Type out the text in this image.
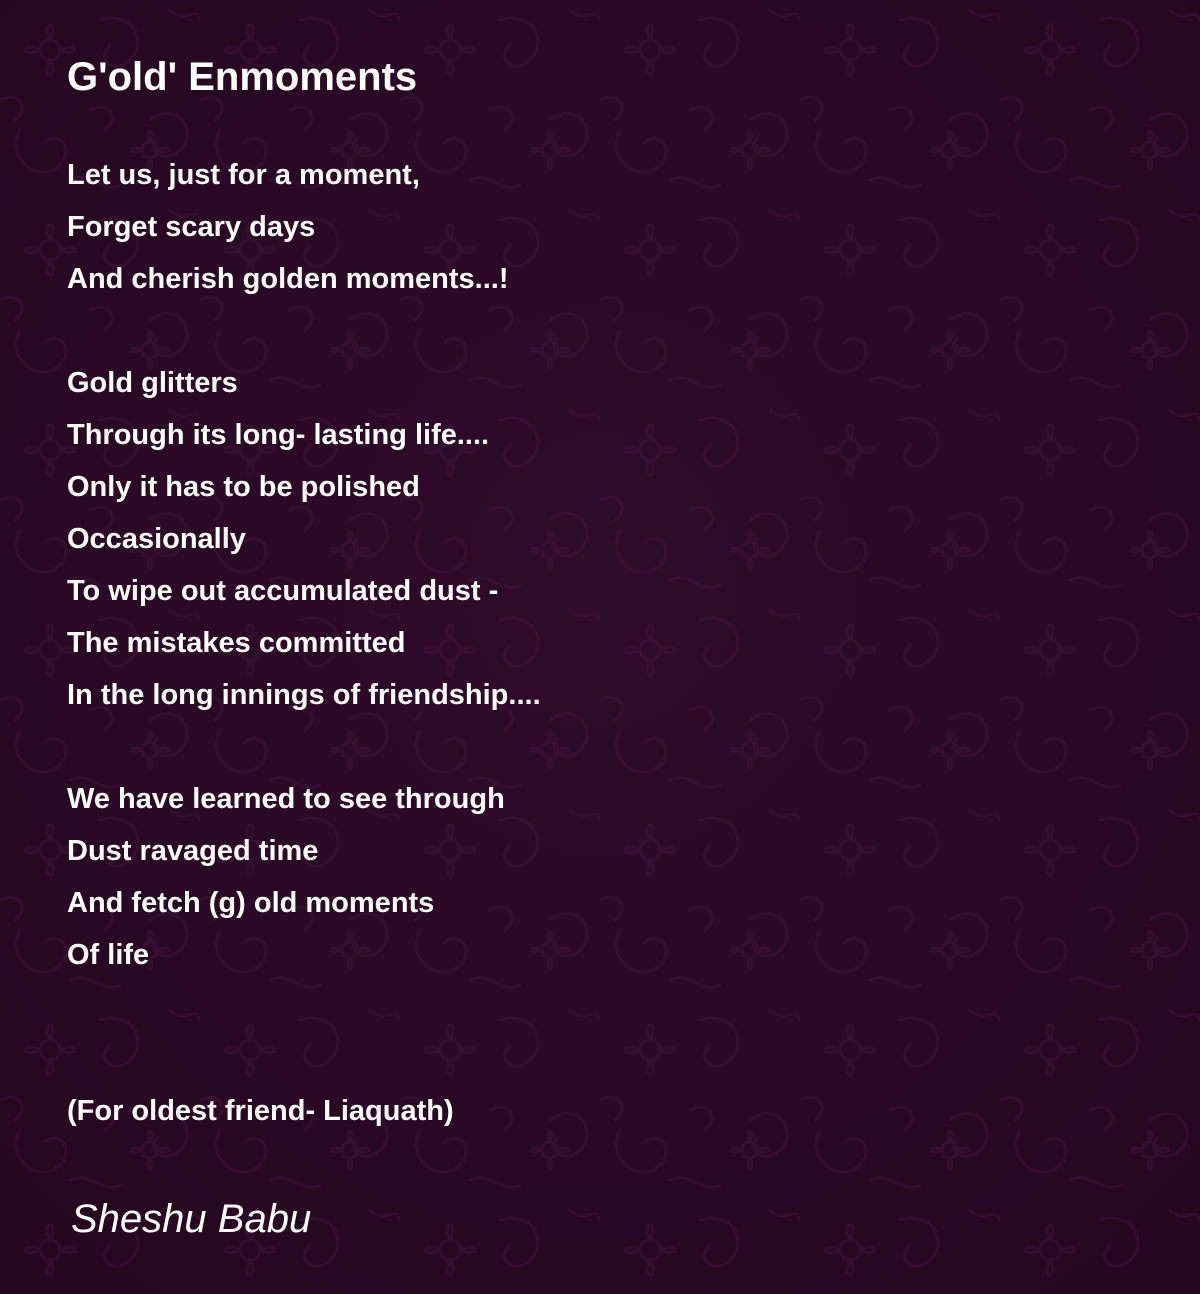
G'old' Enmoments
Let us, just for a moment,
Forget scary days
And cherish golden moments...!
Gold glitters
Through its long- lasting life....
Only it has to be polished
Occasionally
To wipe out accumulated dust -
The mistakes committed
In the long innings of friendship....
We have learned to see through
Dust ravaged time
And fetch (g) old moments
Of life
(For oldest friend- Liaquath)

Sheshu Babu
